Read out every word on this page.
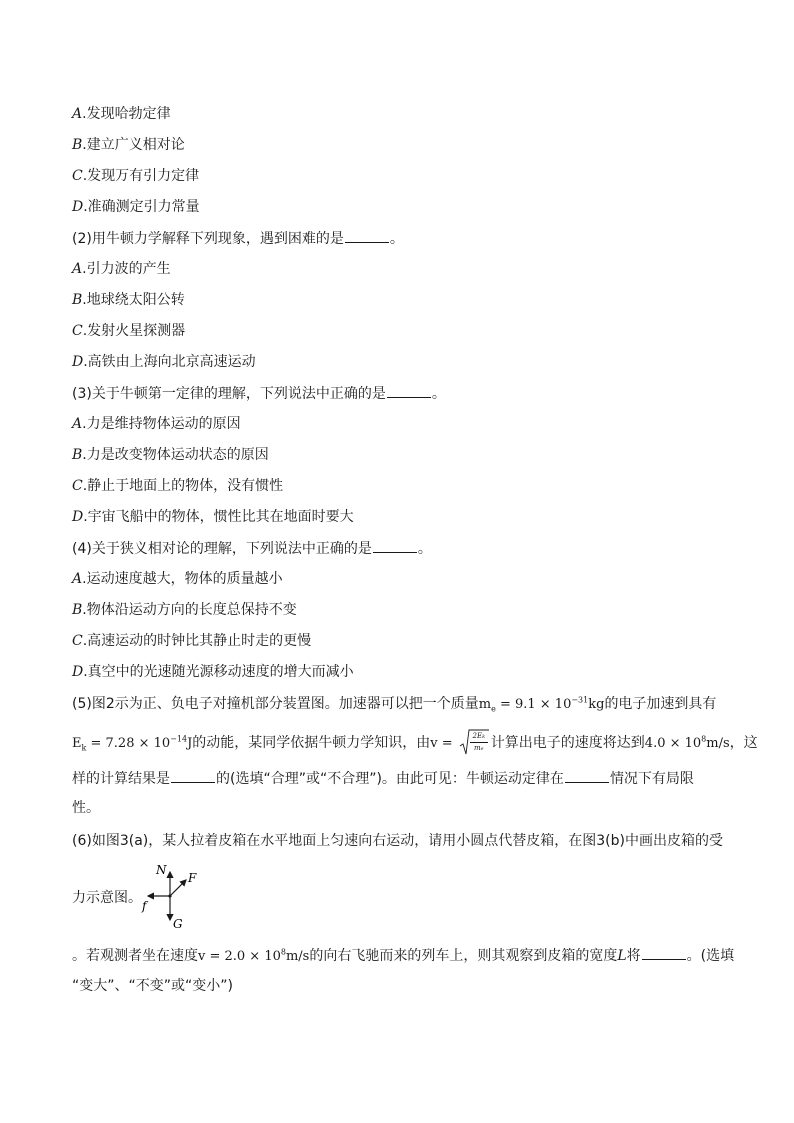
A.发现哈勃定律
B.建立广义相对论
C.发现万有引力定律
D.准确测定引力常量
(2)用牛顿力学解释下列现象，遇到困难的是	。
A.引力波的产生
B.地球绕太阳公转
C.发射火星探测器
D.高铁由上海向北京高速运动
(3)关于牛顿第一定律的理解，下列说法中正确的是	。
A.力是维持物体运动的原因
B.力是改变物体运动状态的原因
C.静止于地面上的物体，没有惯性
D.宇宙飞船中的物体，惯性比其在地面时要大
(4)关于狭义相对论的理解，下列说法中正确的是	。
A.运动速度越大，物体的质量越小
B.物体沿运动方向的长度总保持不变
C.高速运动的时钟比其静止时走的更慢
D.真空中的光速随光源移动速度的增大而减小
(5)图2示为正、负电子对撞机部分装置图。加速器可以把一个质量$m_e = 9.1 \times 10^{-31}kg$的电子加速到具有
$E_k = 7.28 \times 10^{-14}J$的动能，某同学依据牛顿力学知识，由$v = \frac{2Ek}{me}$ 计算出电子的速度将达到$4.0 \times 10^8m/s$，这
样的计算结果是	的(选填“合理”或“不合理”)。由此可见：牛顿运动定律在	情况下有局限
性。
(6)如图3(a)，某人拉着皮箱在水平地面上匀速向右运动，请用小圆点代替皮箱，在图3(b)中画出皮箱的受
力示意图。
N
F
f
G
。若观测者坐在速度$v = 2.0 \times 10^8m/s$的向右飞驰而来的列车上，则其观察到皮箱的宽度L将	。(选填
“变大”、“不变”或“变小”)
